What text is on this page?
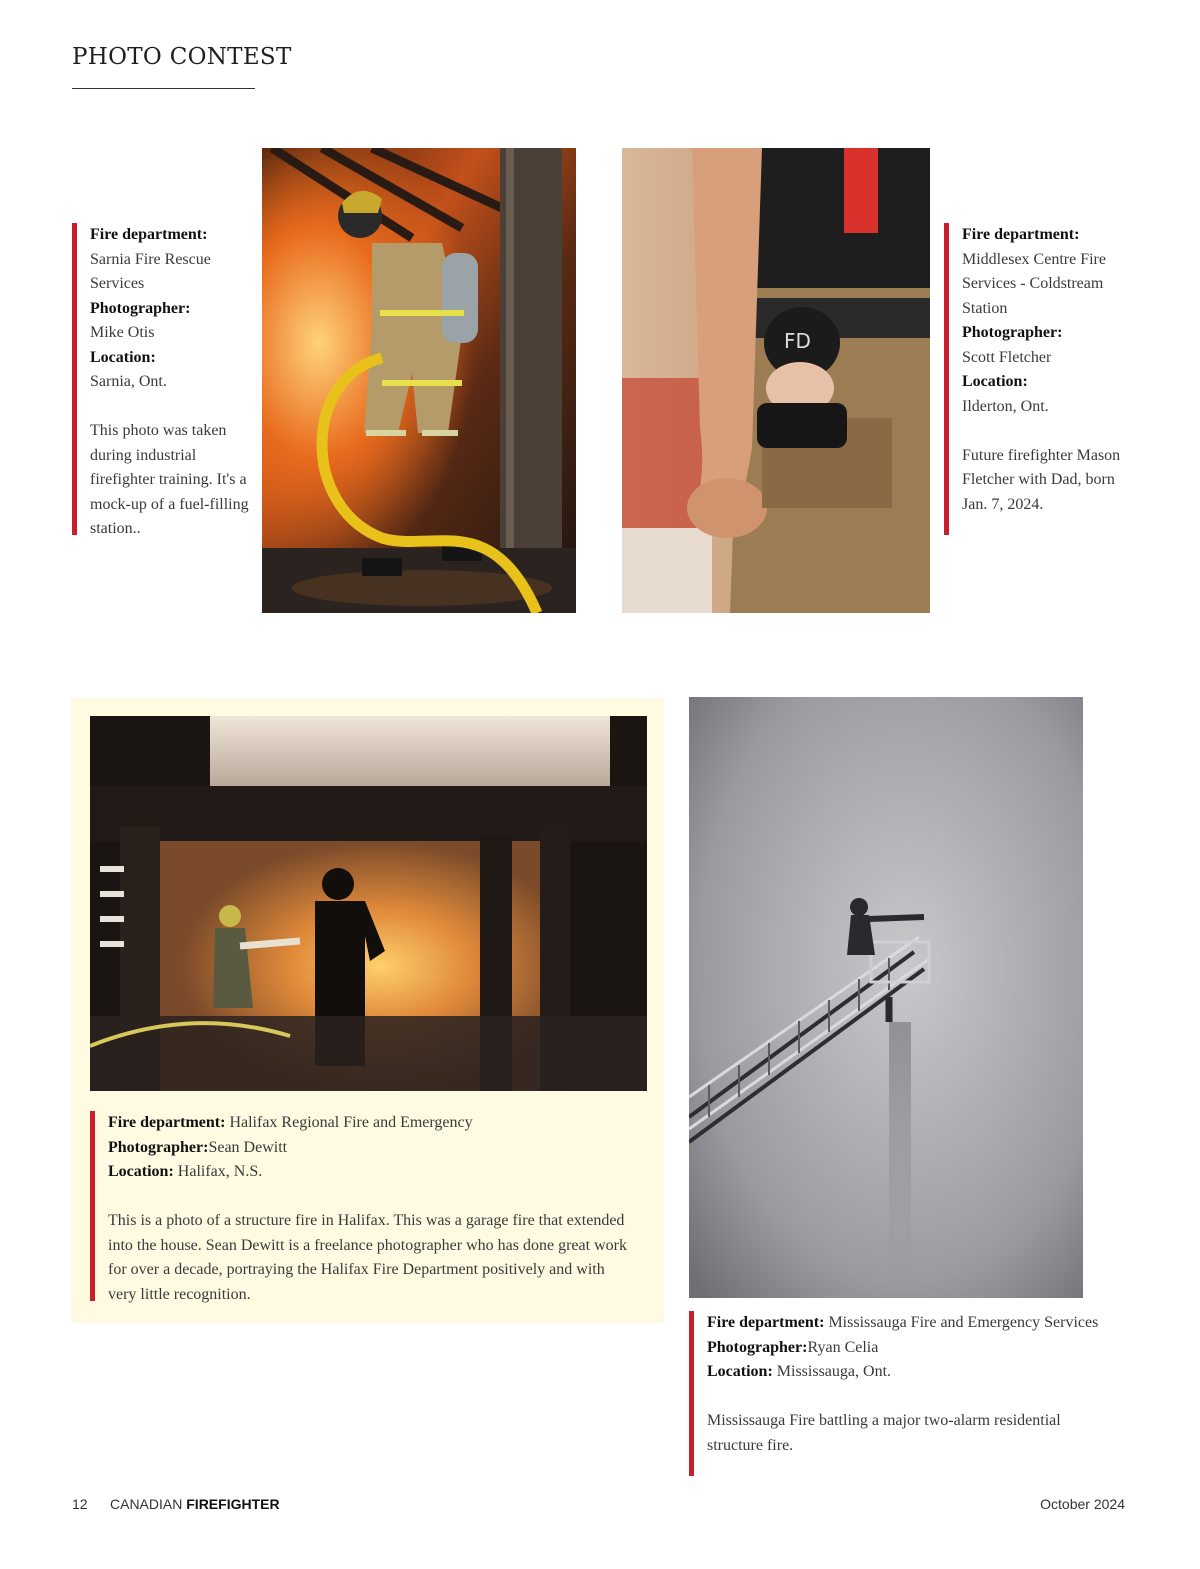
PHOTO CONTEST
Fire department:
Sarnia Fire Rescue Services
Photographer:
Mike Otis
Location:
Sarnia, Ont.
This photo was taken during industrial firefighter training. It's a mock-up of a fuel-filling station..
FD
Fire department:
Middlesex Centre Fire Services - Coldstream Station
Photographer:
Scott Fletcher
Location:
Ilderton, Ont.
Future firefighter Mason Fletcher with Dad, born Jan. 7, 2024.
Fire department: Halifax Regional Fire and Emergency
Photographer:Sean Dewitt
Location: Halifax, N.S.
This is a photo of a structure fire in Halifax. This was a garage fire that extended into the house. Sean Dewitt is a freelance photographer who has done great work for over a decade, portraying the Halifax Fire Department positively and with very little recognition.
Fire department: Mississauga Fire and Emergency Services
Photographer:Ryan Celia
Location: Mississauga, Ont.
Mississauga Fire battling a major two-alarm residential structure fire.
12 CANADIAN FIREFIGHTER	October 2024
